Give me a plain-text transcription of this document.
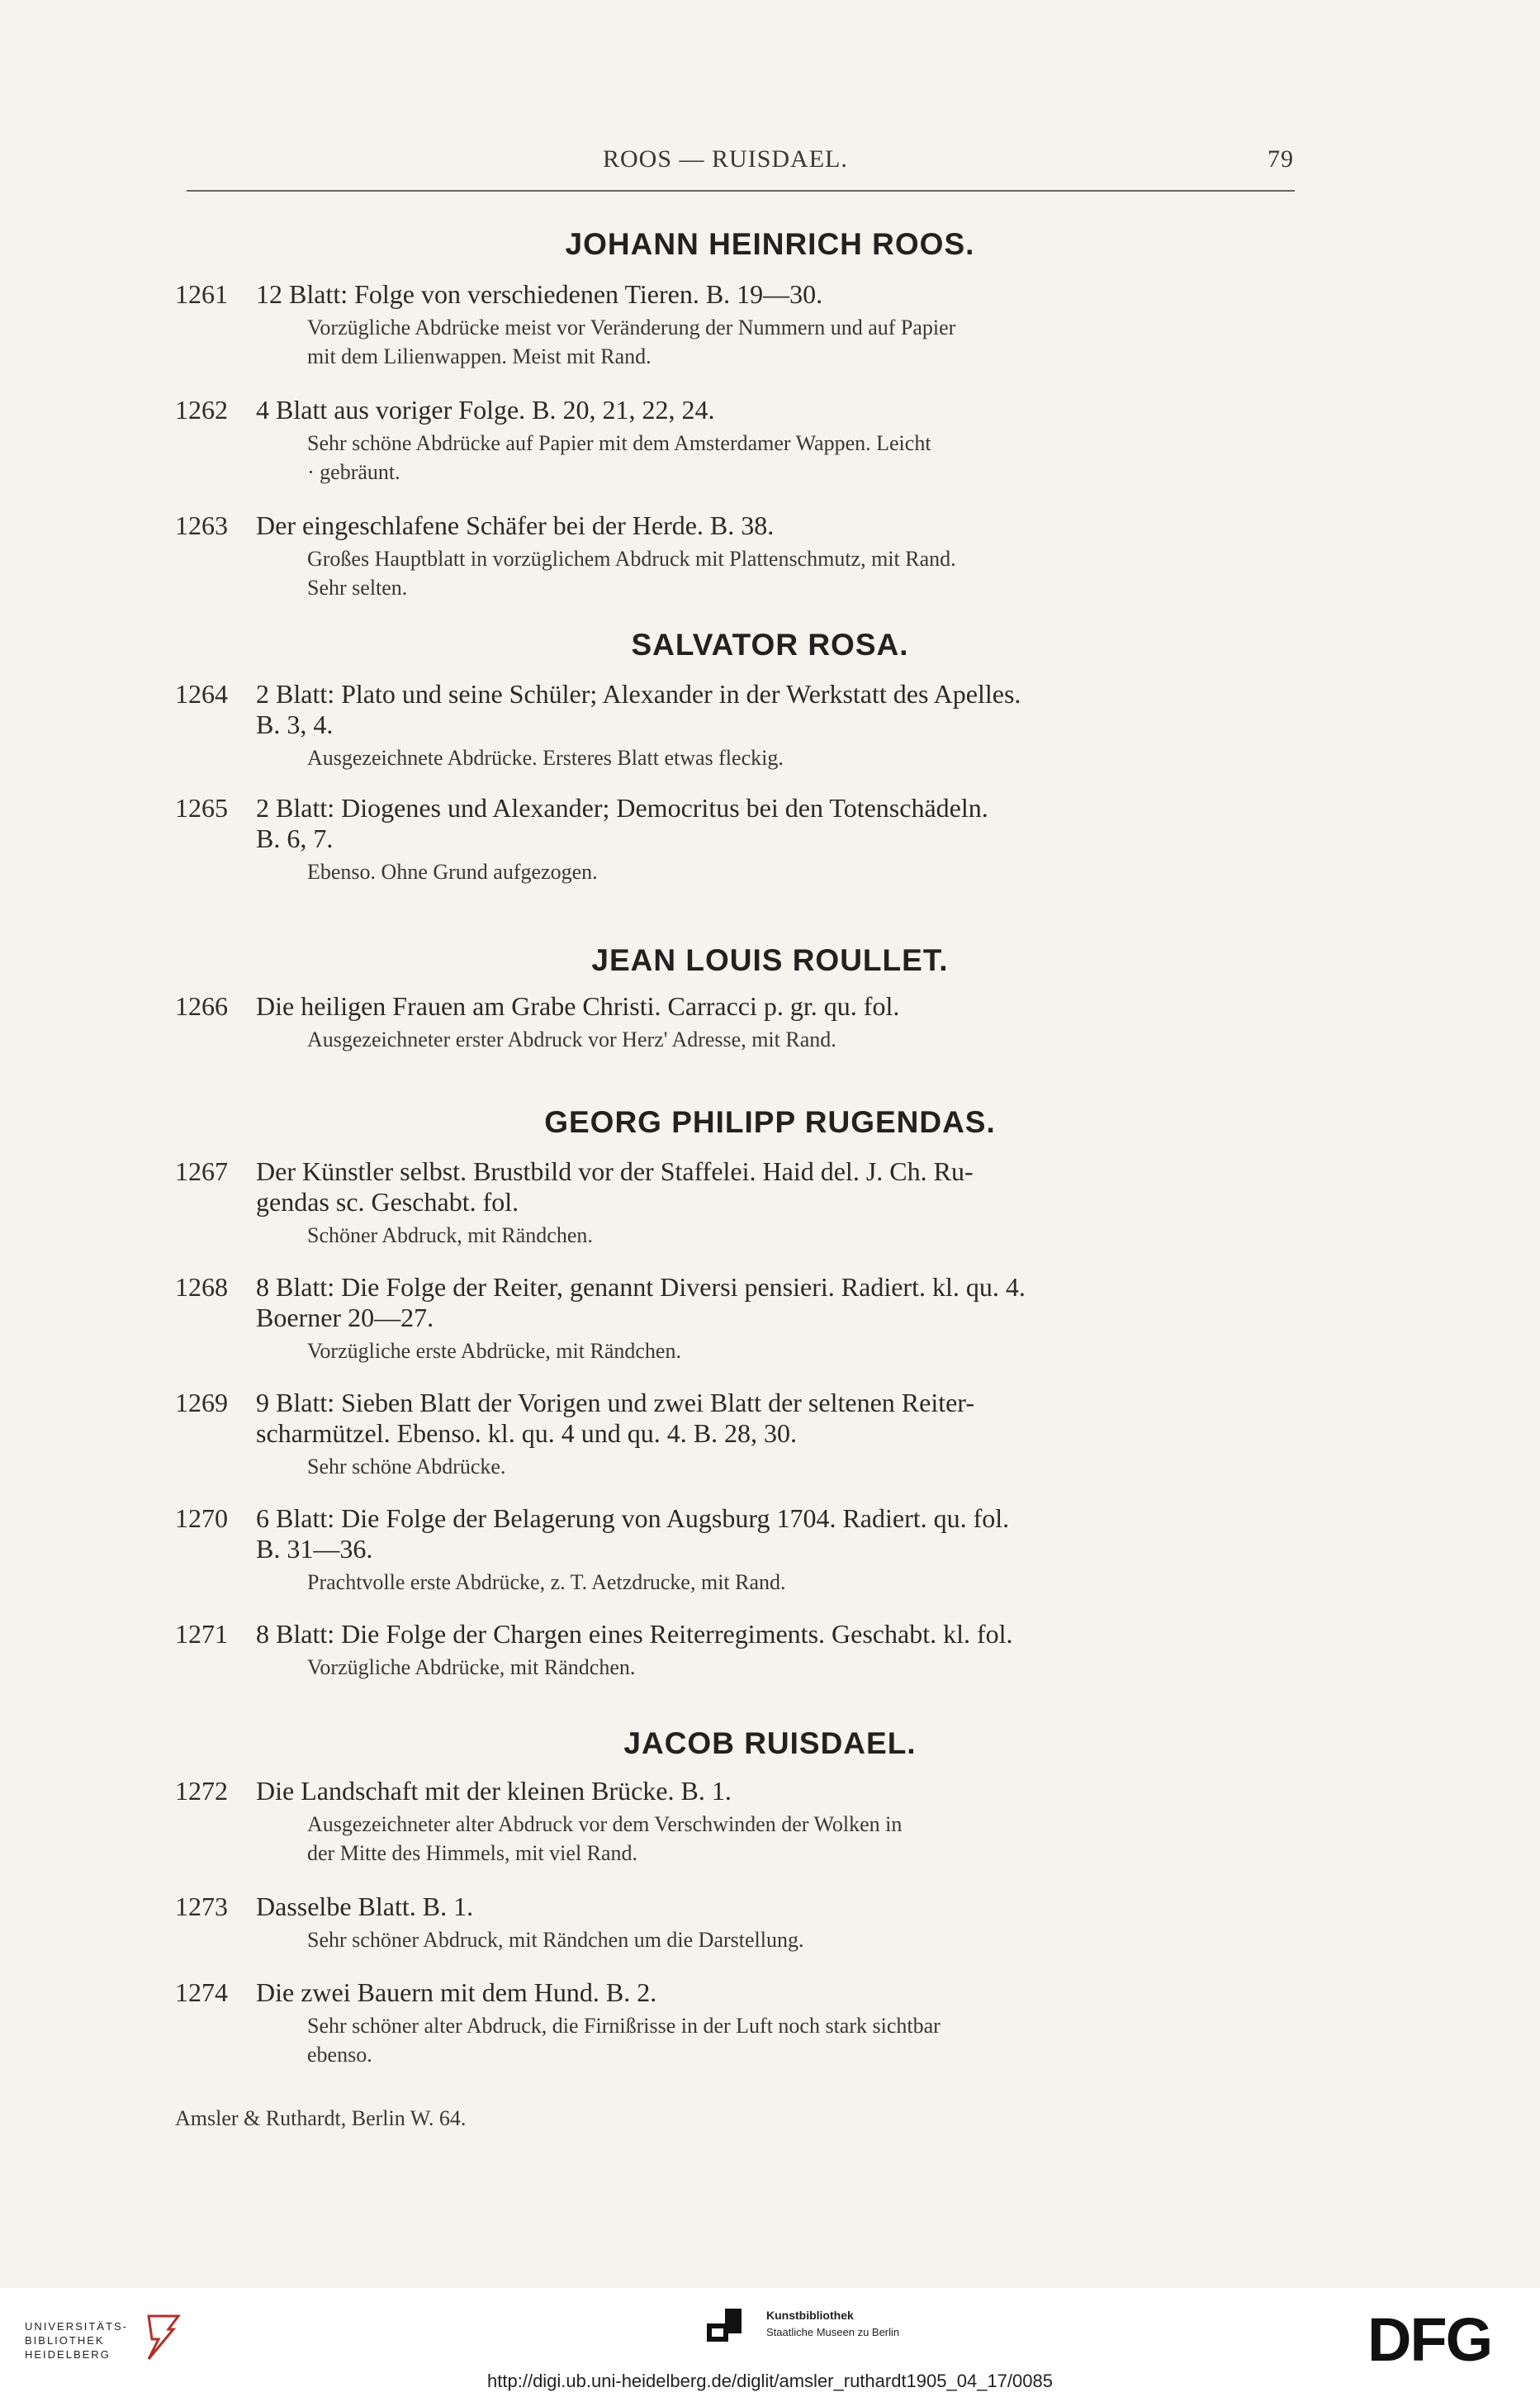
ROOS — RUISDAEL.	79
JOHANN HEINRICH ROOS.
1261 12 Blatt: Folge von verschiedenen Tieren. B. 19—30.
Vorzügliche Abdrücke meist vor Veränderung der Nummern und auf Papier
mit dem Lilienwappen. Meist mit Rand.
1262 4 Blatt aus voriger Folge. B. 20, 21, 22, 24.
Sehr schöne Abdrücke auf Papier mit dem Amsterdamer Wappen. Leicht
· gebräunt.
1263 Der eingeschlafene Schäfer bei der Herde. B. 38.
Großes Hauptblatt in vorzüglichem Abdruck mit Plattenschmutz, mit Rand.
Sehr selten.
SALVATOR ROSA.
1264 2 Blatt: Plato und seine Schüler; Alexander in der Werkstatt des Apelles.
B. 3, 4.
Ausgezeichnete Abdrücke. Ersteres Blatt etwas fleckig.
1265 2 Blatt: Diogenes und Alexander; Democritus bei den Totenschädeln.
B. 6, 7.
Ebenso. Ohne Grund aufgezogen.
JEAN LOUIS ROULLET.
1266 Die heiligen Frauen am Grabe Christi. Carracci p. gr. qu. fol.
Ausgezeichneter erster Abdruck vor Herz' Adresse, mit Rand.
GEORG PHILIPP RUGENDAS.
1267 Der Künstler selbst. Brustbild vor der Staffelei. Haid del. J. Ch. Ru-
gendas sc. Geschabt. fol.
Schöner Abdruck, mit Rändchen.
1268 8 Blatt: Die Folge der Reiter, genannt Diversi pensieri. Radiert. kl. qu. 4.
Boerner 20—27.
Vorzügliche erste Abdrücke, mit Rändchen.
1269 9 Blatt: Sieben Blatt der Vorigen und zwei Blatt der seltenen Reiter-
scharmützel. Ebenso. kl. qu. 4 und qu. 4. B. 28, 30.
Sehr schöne Abdrücke.
1270 6 Blatt: Die Folge der Belagerung von Augsburg 1704. Radiert. qu. fol.
B. 31—36.
Prachtvolle erste Abdrücke, z. T. Aetzdrucke, mit Rand.
1271 8 Blatt: Die Folge der Chargen eines Reiterregiments. Geschabt. kl. fol.
Vorzügliche Abdrücke, mit Rändchen.
JACOB RUISDAEL.
1272 Die Landschaft mit der kleinen Brücke. B. 1.
Ausgezeichneter alter Abdruck vor dem Verschwinden der Wolken in
der Mitte des Himmels, mit viel Rand.
1273 Dasselbe Blatt. B. 1.
Sehr schöner Abdruck, mit Rändchen um die Darstellung.
1274 Die zwei Bauern mit dem Hund. B. 2.
Sehr schöner alter Abdruck, die Firnißrisse in der Luft noch stark sichtbar
ebenso.
Amsler & Ruthardt, Berlin W. 64.
UNIVERSITÄTS-
BIBLIOTHEK
HEIDELBERG
Kunstbibliothek
Staatliche Museen zu Berlin	DFG
http://digi.ub.uni-heidelberg.de/diglit/amsler_ruthardt1905_04_17/0085
